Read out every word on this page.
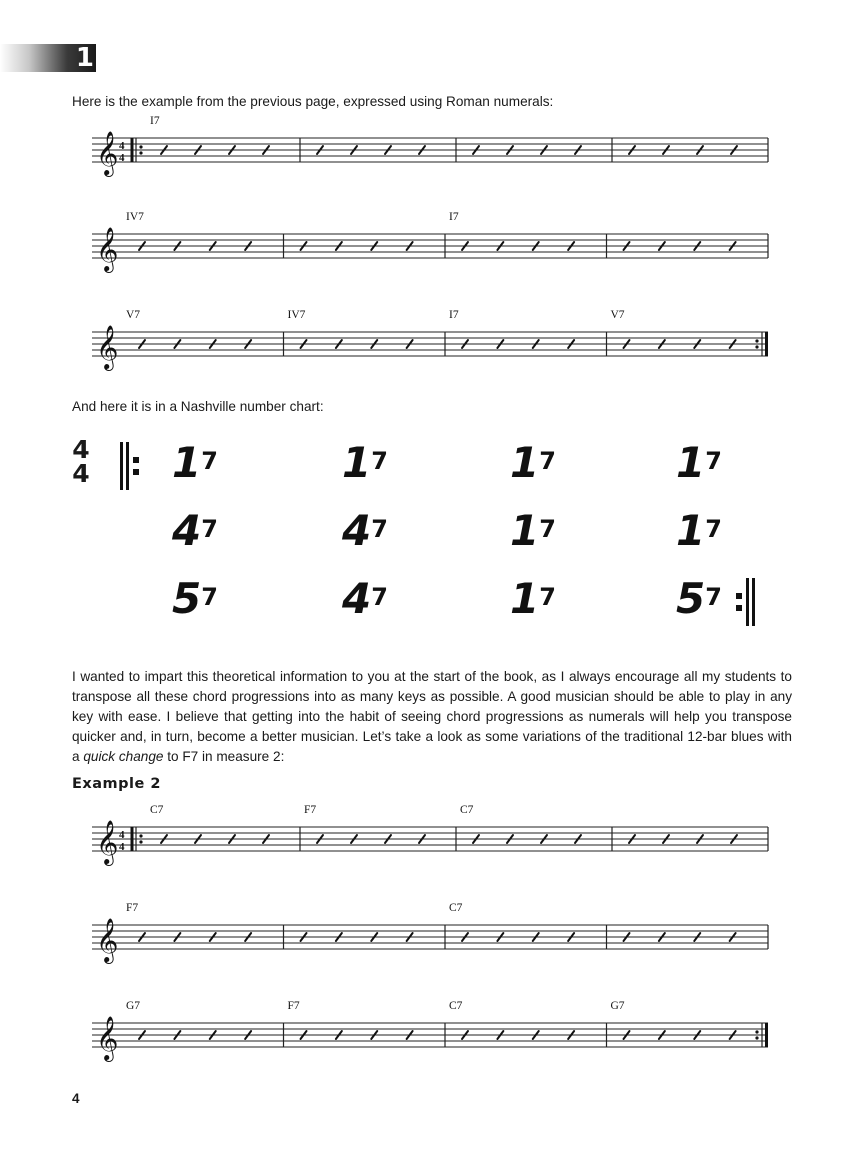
1

Here is the example from the previous page, expressed using Roman numerals:

𝄞 4
4
I7
𝄞
IV7	I7
𝄞
V7	IV7	I7	V7

And here it is in a Nashville number chart:

4
4 $1^7$	$1^7$	$1^7$	$1^7$
$4^7$	$4^7$	$1^7$	$1^7$
$5^7$	$4^7$	$1^7$	$5^7$

I wanted to impart this theoretical information to you at the start of the book, as I always encourage all my students to transpose all these chord progressions into as many keys as possible. A good musician should be able to play in any key with ease. I believe that getting into the habit of seeing chord progressions as numerals will help you transpose quicker and, in turn, become a better musician. Let’s take a look as some variations of the traditional 12-bar blues with a quick change to F7 in measure 2:

Example 2

𝄞 4
4
C7	F7	C7
𝄞
F7	C7
𝄞
G7	F7	C7	G7

4
